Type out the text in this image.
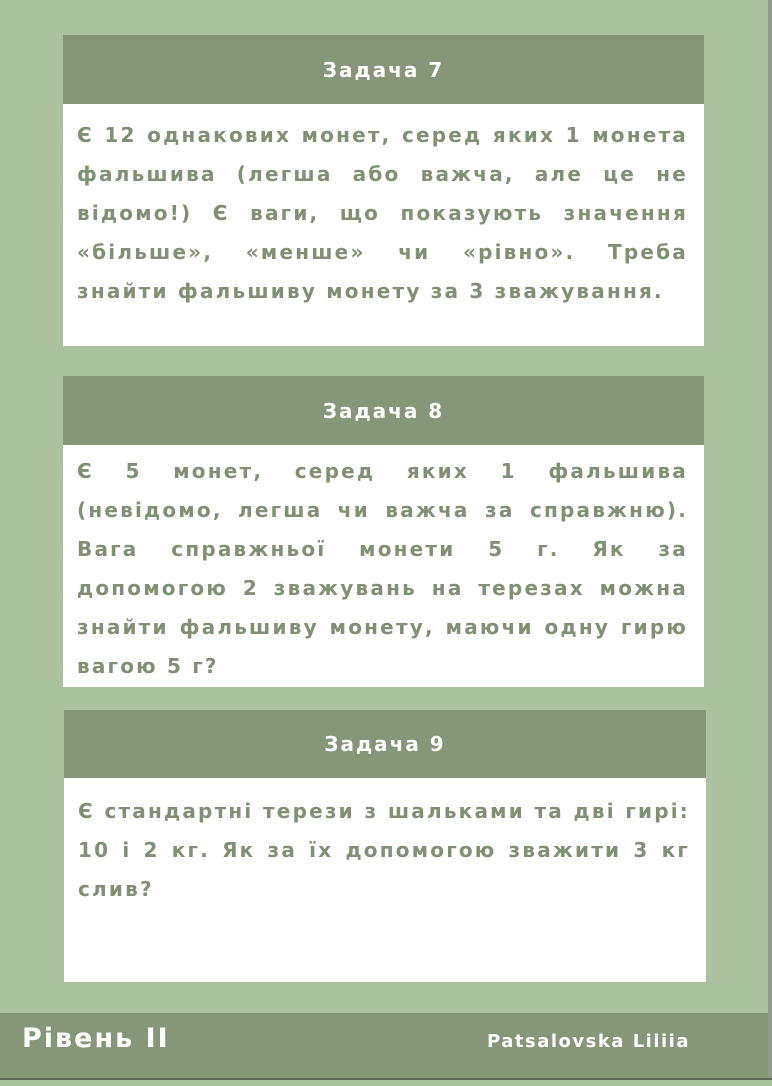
Задача 7
Є 12 однакових монет, серед яких 1 монета фальшива (легша або важча, але це не відомо!) Є ваги, що показують значення «більше», «менше» чи «рівно». Треба знайти фальшиву монету за 3 зважування.
Задача 8
Є 5 монет, серед яких 1 фальшива (невідомо, легша чи важча за справжню). Вага справжньої монети 5 г. Як за допомогою 2 зважувань на терезах можна знайти фальшиву монету, маючи одну гирю вагою 5 г?
Задача 9
Є стандартні терези з шальками та дві гирі: 10 і 2 кг. Як за їх допомогою зважити 3 кг слив?
Рівень II	Patsalovska Liliia
